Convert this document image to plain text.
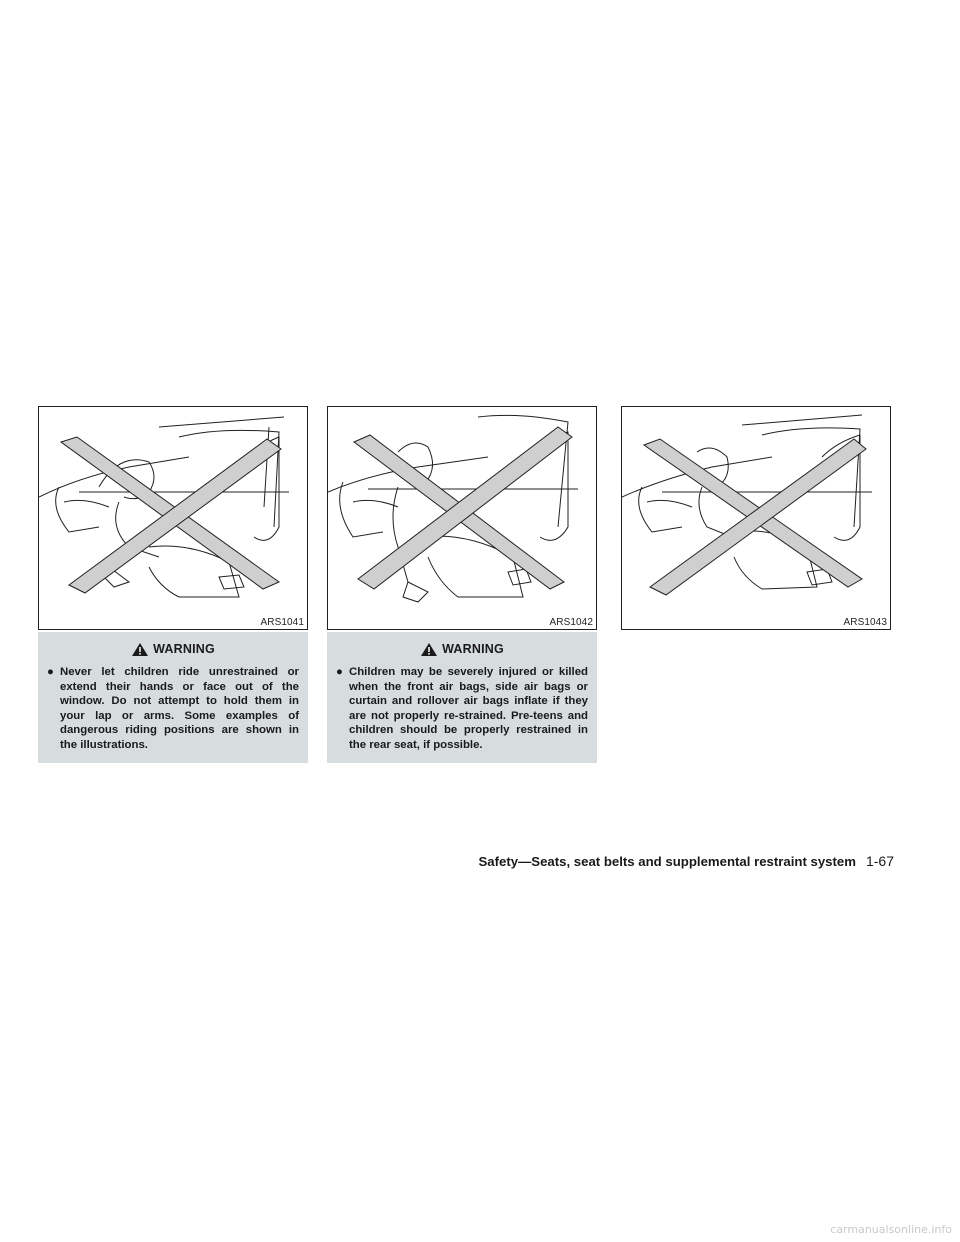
ARS1041	ARS1042	ARS1043
WARNING
● Never let children ride unrestrained or extend their hands or face out of the window. Do not attempt to hold them in your lap or arms. Some examples of dangerous riding positions are shown in the illustrations.
WARNING
● Children may be severely injured or killed when the front air bags, side air bags or curtain and rollover air bags inflate if they are not properly re-strained. Pre-teens and children should be properly restrained in the rear seat, if possible.
Safety—Seats, seat belts and supplemental restraint system 1-67
carmanualsonline.info
